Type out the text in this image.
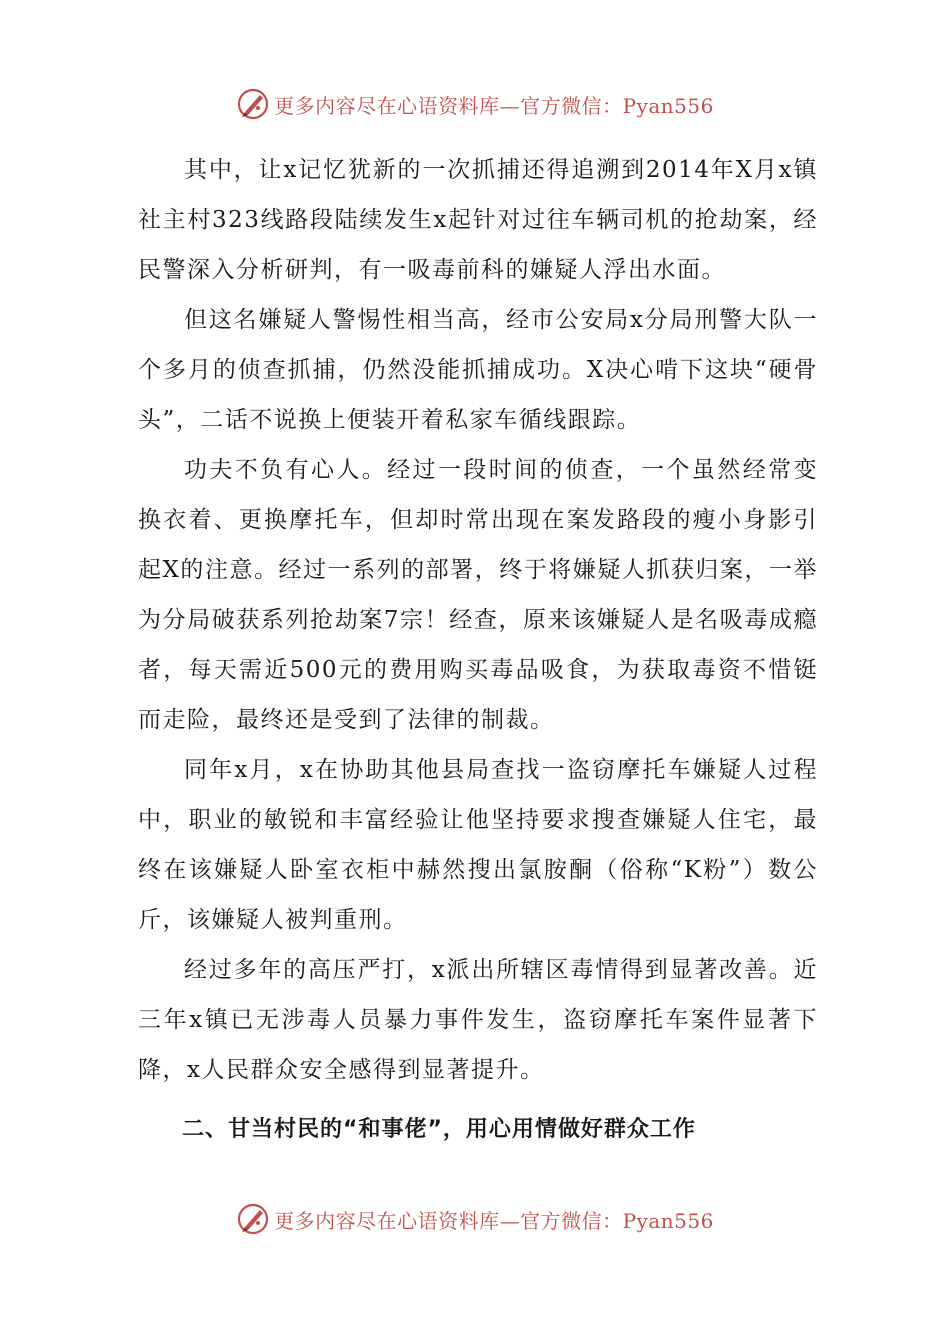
更多内容尽在心语资料库—官方微信：Pyan556

其中，让x记忆犹新的一次抓捕还得追溯到2014年X月x镇社主村323线路段陆续发生x起针对过往车辆司机的抢劫案，经民警深入分析研判，有一吸毒前科的嫌疑人浮出水面。

但这名嫌疑人警惕性相当高，经市公安局x分局刑警大队一个多月的侦查抓捕，仍然没能抓捕成功。X决心啃下这块“硬骨头”，二话不说换上便装开着私家车循线跟踪。

功夫不负有心人。经过一段时间的侦查，一个虽然经常变换衣着、更换摩托车，但却时常出现在案发路段的瘦小身影引起X的注意。经过一系列的部署，终于将嫌疑人抓获归案，一举为分局破获系列抢劫案7宗！经查，原来该嫌疑人是名吸毒成瘾者，每天需近500元的费用购买毒品吸食，为获取毒资不惜铤而走险，最终还是受到了法律的制裁。

同年x月，x在协助其他县局查找一盗窃摩托车嫌疑人过程中，职业的敏锐和丰富经验让他坚持要求搜查嫌疑人住宅，最终在该嫌疑人卧室衣柜中赫然搜出氯胺酮（俗称“K粉”）数公斤，该嫌疑人被判重刑。

经过多年的高压严打，x派出所辖区毒情得到显著改善。近三年x镇已无涉毒人员暴力事件发生，盗窃摩托车案件显著下降，x人民群众安全感得到显著提升。

二、甘当村民的“和事佬”，用心用情做好群众工作

更多内容尽在心语资料库—官方微信：Pyan556
